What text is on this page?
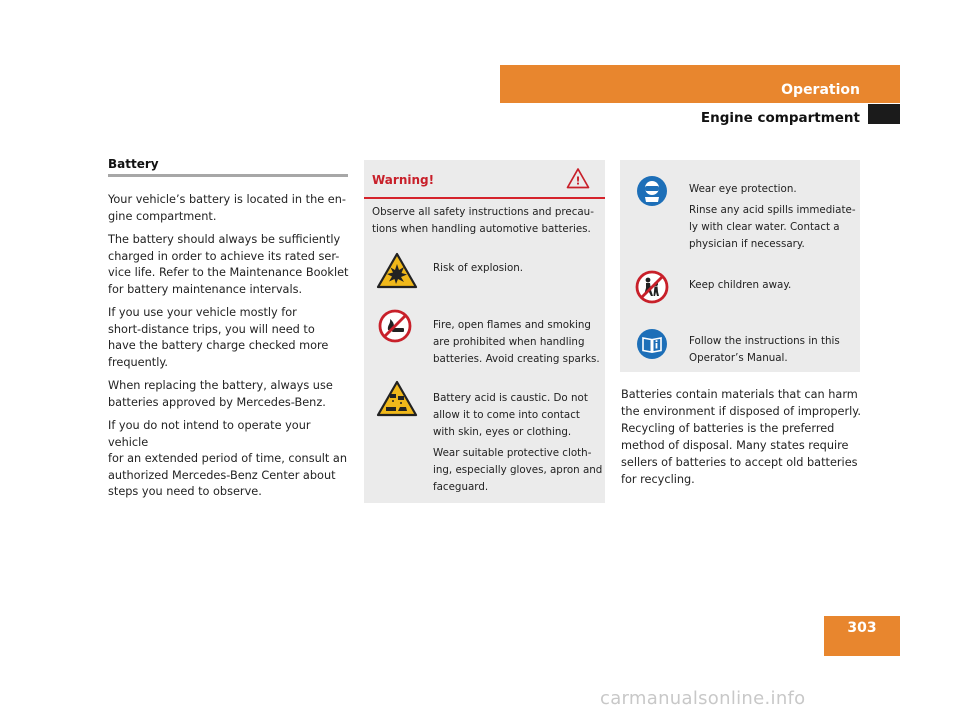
Operation
Engine compartment
Battery

Your vehicle’s battery is located in the en-
gine compartment.

The battery should always be sufficiently
charged in order to achieve its rated ser-
vice life. Refer to the Maintenance Booklet
for battery maintenance intervals.

If you use your vehicle mostly for
short-distance trips, you will need to
have the battery charge checked more
frequently.

When replacing the battery, always use
batteries approved by Mercedes-Benz.

If you do not intend to operate your vehicle
for an extended period of time, consult an
authorized Mercedes-Benz Center about
steps you need to observe.

Warning!	!
Observe all safety instructions and precau-
tions when handling automotive batteries.

Risk of explosion.

Fire, open flames and smoking
are prohibited when handling
batteries. Avoid creating sparks.

Battery acid is caustic. Do not
allow it to come into contact
with skin, eyes or clothing.

Wear suitable protective cloth-
ing, especially gloves, apron and
faceguard.

Wear eye protection.

Rinse any acid spills immediate-
ly with clear water. Contact a
physician if necessary.

Keep children away.

Follow the instructions in this
Operator’s Manual.

Batteries contain materials that can harm
the environment if disposed of improperly.
Recycling of batteries is the preferred
method of disposal. Many states require
sellers of batteries to accept old batteries
for recycling.

303
carmanualsonline.info
